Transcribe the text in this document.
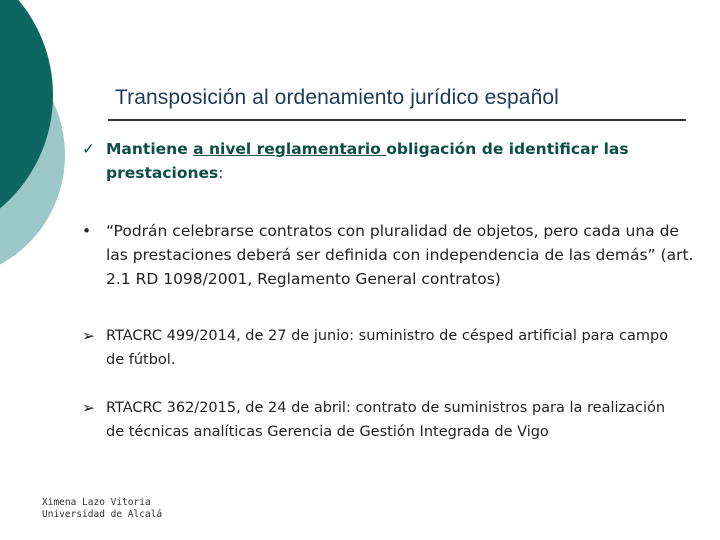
Transposición al ordenamiento jurídico español
✓ Mantiene a nivel reglamentario obligación de identificar las prestaciones:
• “Podrán celebrarse contratos con pluralidad de objetos, pero cada una de las prestaciones deberá ser definida con independencia de las demás” (art. 2.1 RD 1098/2001, Reglamento General contratos)
➢ RTACRC 499/2014, de 27 de junio: suministro de césped artificial para campo de fútbol.
➢ RTACRC 362/2015, de 24 de abril: contrato de suministros para la realización de técnicas analíticas Gerencia de Gestión Integrada de Vigo
Ximena Lazo Vitoria
Universidad de Alcalá
